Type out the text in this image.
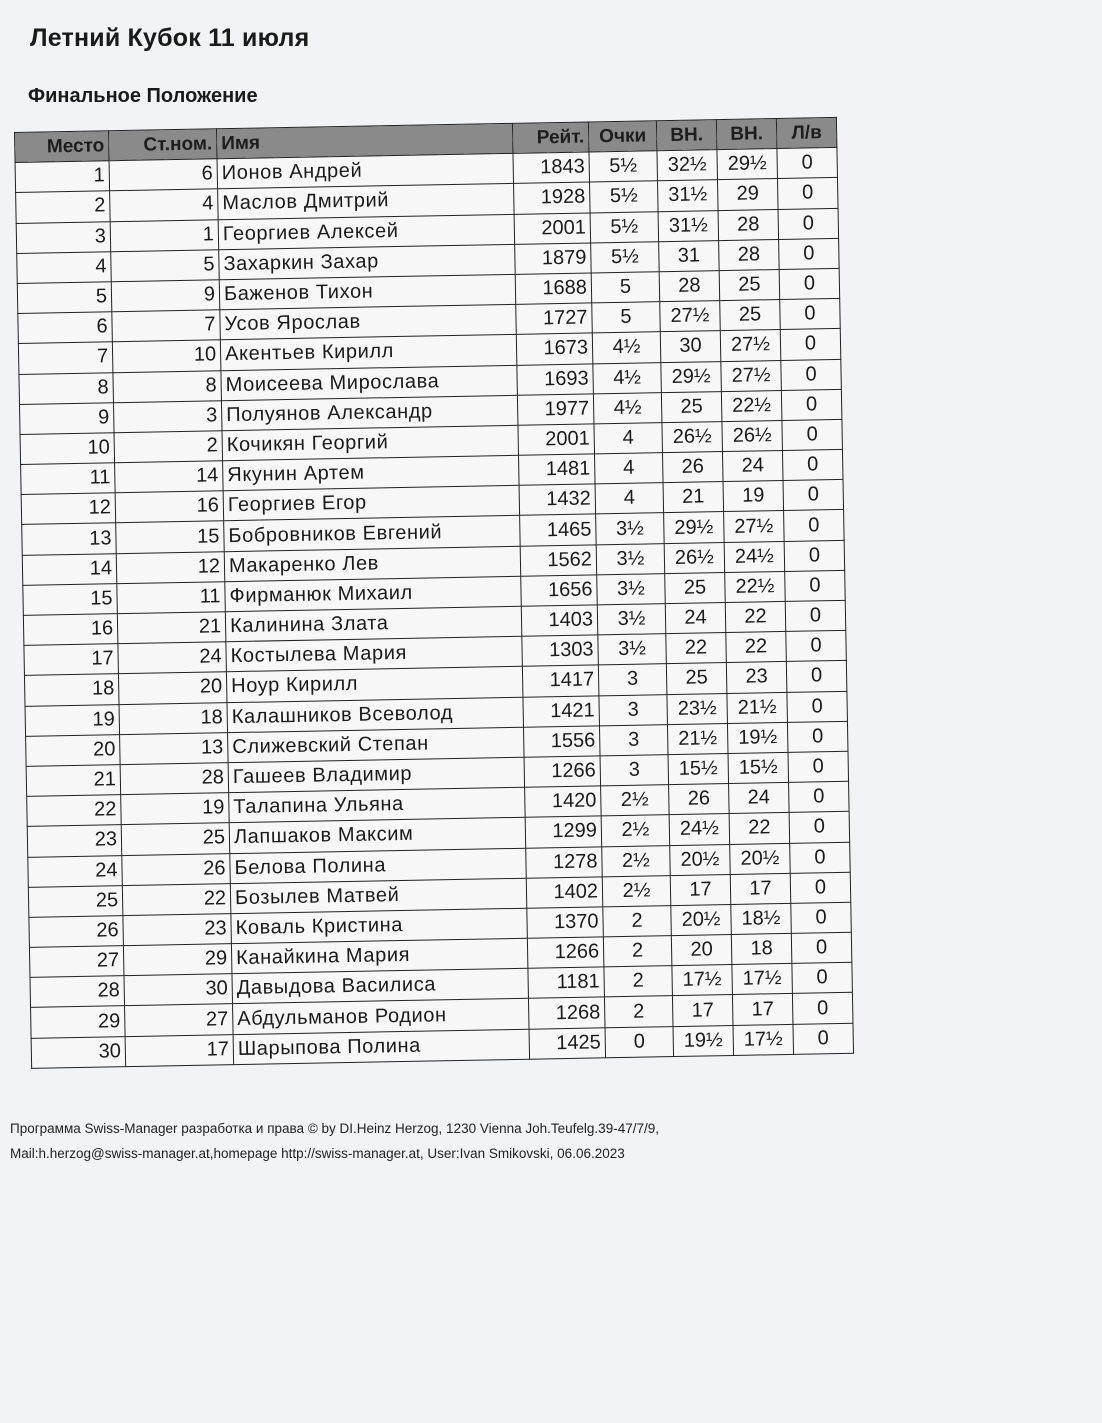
Летний Кубок 11 июля
Финальное Положение
Место	Ст.ном.	Имя	Рейт.	Очки	ВН.	ВН.	Л/в
1	6	Ионов Андрей	1843	5½	32½	29½	0
2	4	Маслов Дмитрий	1928	5½	31½	29	0
3	1	Георгиев Алексей	2001	5½	31½	28	0
4	5	Захаркин Захар	1879	5½	31	28	0
5	9	Баженов Тихон	1688	5	28	25	0
6	7	Усов Ярослав	1727	5	27½	25	0
7	10	Акентьев Кирилл	1673	4½	30	27½	0
8	8	Моисеева Мирослава	1693	4½	29½	27½	0
9	3	Полуянов Александр	1977	4½	25	22½	0
10	2	Кочикян Георгий	2001	4	26½	26½	0
11	14	Якунин Артем	1481	4	26	24	0
12	16	Георгиев Егор	1432	4	21	19	0
13	15	Бобровников Евгений	1465	3½	29½	27½	0
14	12	Макаренко Лев	1562	3½	26½	24½	0
15	11	Фирманюк Михаил	1656	3½	25	22½	0
16	21	Калинина Злата	1403	3½	24	22	0
17	24	Костылева Мария	1303	3½	22	22	0
18	20	Ноур Кирилл	1417	3	25	23	0
19	18	Калашников Всеволод	1421	3	23½	21½	0
20	13	Слижевский Степан	1556	3	21½	19½	0
21	28	Гашеев Владимир	1266	3	15½	15½	0
22	19	Талапина Ульяна	1420	2½	26	24	0
23	25	Лапшаков Максим	1299	2½	24½	22	0
24	26	Белова Полина	1278	2½	20½	20½	0
25	22	Бозылев Матвей	1402	2½	17	17	0
26	23	Коваль Кристина	1370	2	20½	18½	0
27	29	Канайкина Мария	1266	2	20	18	0
28	30	Давыдова Василиса	1181	2	17½	17½	0
29	27	Абдульманов Родион	1268	2	17	17	0
30	17	Шарыпова Полина	1425	0	19½	17½	0
Программа Swiss-Manager разработка и права © by DI.Heinz Herzog, 1230 Vienna Joh.Teufelg.39-47/7/9,
Mail:h.herzog@swiss-manager.at,homepage http://swiss-manager.at, User:Ivan Smikovski, 06.06.2023
